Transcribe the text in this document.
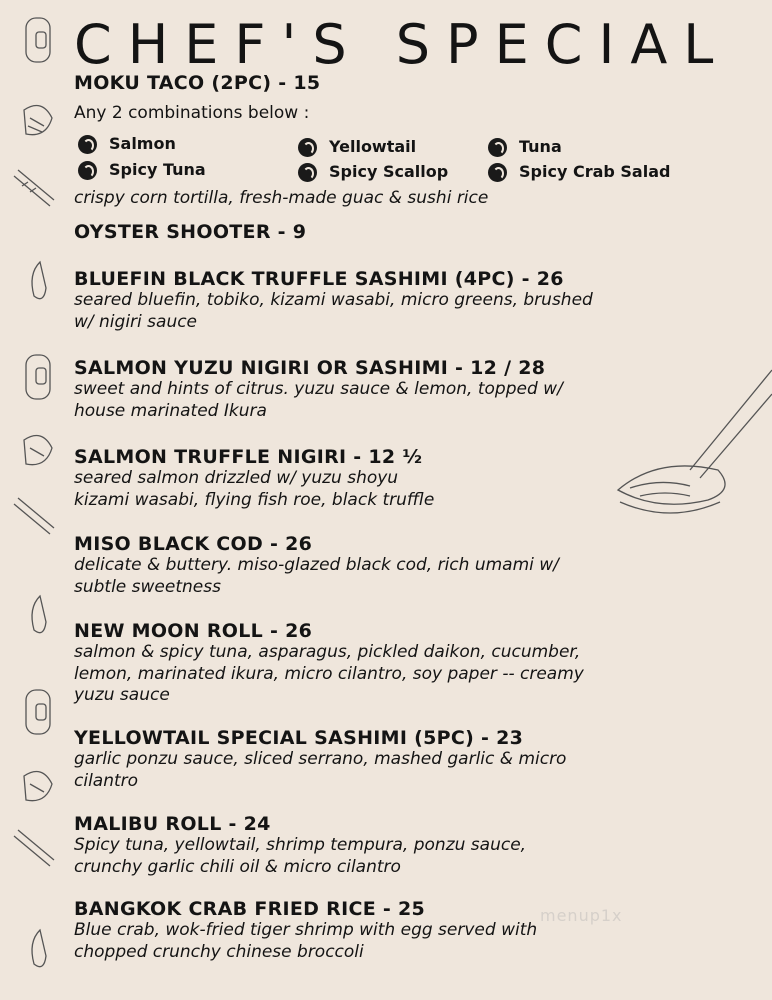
CHEF'S SPECIAL
MOKU TACO (2PC) - 15
Any 2 combinations below :
Salmon
Spicy Tuna
Yellowtail
Spicy Scallop
Tuna
Spicy Crab Salad
crispy corn tortilla, fresh-made guac & sushi rice
OYSTER SHOOTER - 9
BLUEFIN BLACK TRUFFLE SASHIMI (4PC) - 26
seared bluefin, tobiko, kizami wasabi, micro greens, brushed
w/ nigiri sauce
SALMON YUZU NIGIRI OR SASHIMI - 12 / 28
sweet and hints of citrus. yuzu sauce & lemon, topped w/
house marinated Ikura
SALMON TRUFFLE NIGIRI - 12 ½
seared salmon drizzled w/ yuzu shoyu
kizami wasabi, flying fish roe, black truffle
MISO BLACK COD - 26
delicate & buttery. miso-glazed black cod, rich umami w/
subtle sweetness
NEW MOON ROLL - 26
salmon & spicy tuna, asparagus, pickled daikon, cucumber,
lemon, marinated ikura, micro cilantro, soy paper -- creamy
yuzu sauce
YELLOWTAIL SPECIAL SASHIMI (5PC) - 23
garlic ponzu sauce, sliced serrano, mashed garlic & micro
cilantro
MALIBU ROLL - 24
Spicy tuna, yellowtail, shrimp tempura, ponzu sauce,
crunchy garlic chili oil & micro cilantro
BANGKOK CRAB FRIED RICE - 25
Blue crab, wok-fried tiger shrimp with egg served with
chopped crunchy chinese broccoli
menup1x
